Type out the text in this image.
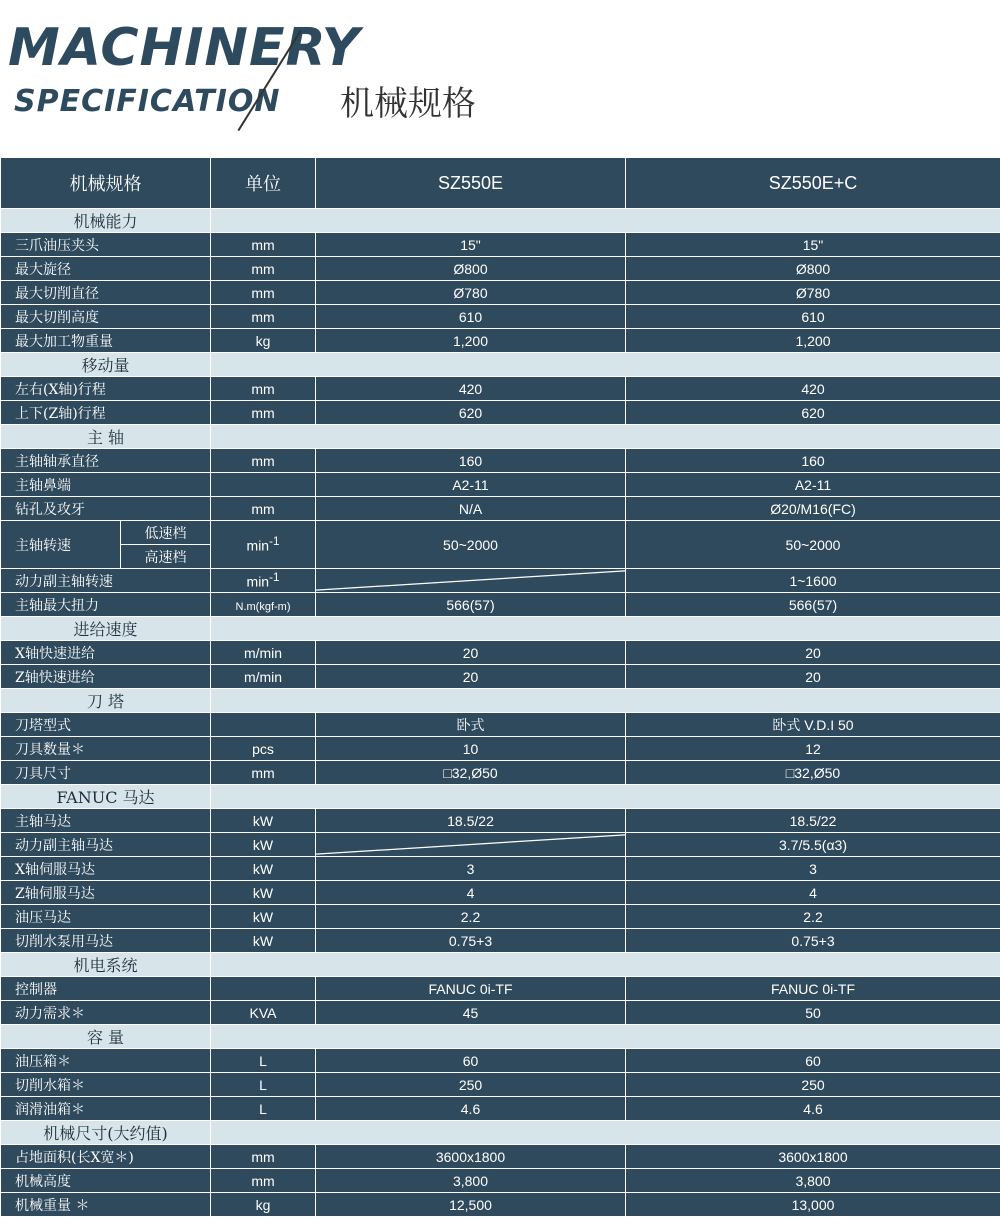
MACHINERY
SPECIFICATION 机械规格
机械规格		单位	SZ550E	SZ550E+C
机械能力				
三爪油压夹头		mm	15"	15"
最大旋径		mm	Ø800	Ø800
最大切削直径		mm	Ø780	Ø780
最大切削高度		mm	610	610
最大加工物重量		kg	1,200	1,200
移动量				
左右(X轴)行程		mm	420	420
上下(Z轴)行程		mm	620	620
主 轴				
主轴轴承直径		mm	160	160
主轴鼻端			A2-11	A2-11
钻孔及攻牙		mm	N/A	Ø20/M16(FC)
主轴转速	低速档	$\min^{-1}$	50~2000	50~2000
	高速档			
动力副主轴转速		$\min^{-1}$		1~1600
主轴最大扭力		N.m(kgf-m)	566(57)	566(57)
进给速度				
X轴快速进给		m/min	20	20
Z轴快速进给		m/min	20	20
刀 塔				
刀塔型式			卧式	卧式 V.D.I 50
刀具数量＊		pcs	10	12
刀具尺寸		mm	□32,Ø50	□32,Ø50
FANUC 马达				
主轴马达		kW	18.5/22	18.5/22
动力副主轴马达		kW		3.7/5.5(α3)
X轴伺服马达		kW	3	3
Z轴伺服马达		kW	4	4
油压马达		kW	2.2	2.2
切削水泵用马达		kW	0.75+3	0.75+3
机电系统				
控制器			FANUC 0i-TF	FANUC 0i-TF
动力需求＊		KVA	45	50
容 量				
油压箱＊		L	60	60
切削水箱＊		L	250	250
润滑油箱＊		L	4.6	4.6
机械尺寸(大约值)				
占地面积(长X宽＊)		mm	3600x1800	3600x1800
机械高度		mm	3,800	3,800
机械重量 ＊		kg	12,500	13,000
